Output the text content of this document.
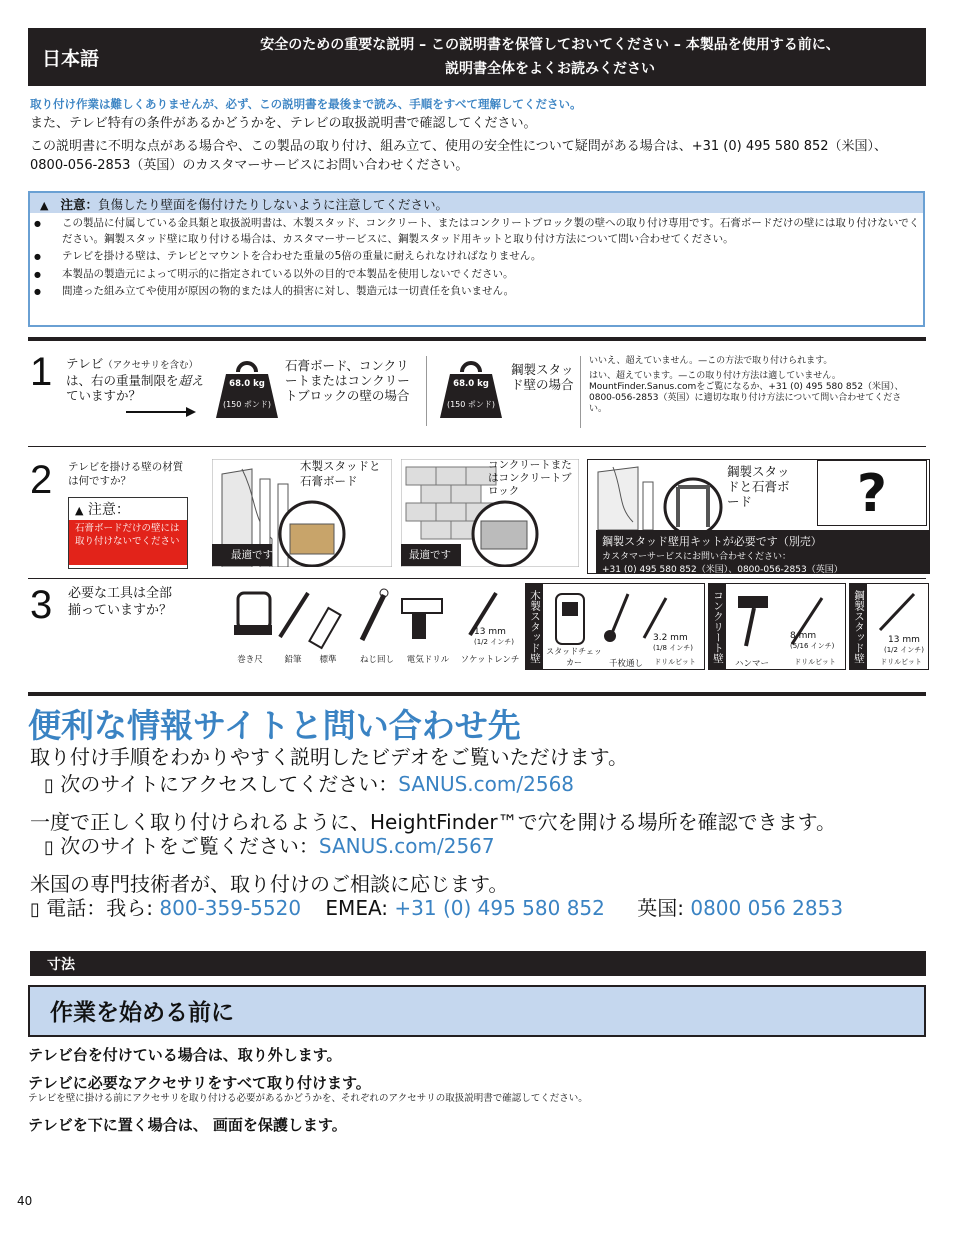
日本語
安全のための重要な説明 – この説明書を保管しておいてください – 本製品を使用する前に、
説明書全体をよくお読みください
取り付け作業は難しくありませんが、必ず、この説明書を最後まで読み、手順をすべて理解してください。
また、テレビ特有の条件があるかどうかを、テレビの取扱説明書で確認してください。
この説明書に不明な点がある場合や、この製品の取り付け、組み立て、使用の安全性について疑問がある場合は、+31 (0) 495 580 852（米国）、0800-056-2853（英国）のカスタマーサービスにお問い合わせください。
▲ 注意：負傷したり壁面を傷付けたりしないように注意してください。
● この製品に付属している金具類と取扱説明書は、木製スタッド、コンクリート、またはコンクリートブロック製の壁への取り付け専用です。石膏ボードだけの壁には取り付けないでください。鋼製スタッド壁に取り付ける場合は、カスタマーサービスに、鋼製スタッド用キットと取り付け方法について問い合わせてください。
● テレビを掛ける壁は、テレビとマウントを合わせた重量の5倍の重量に耐えられなければなりません。
● 本製品の製造元によって明示的に指定されている以外の目的で本製品を使用しないでください。
● 間違った組み立てや使用が原因の物的または人的損害に対し、製造元は一切責任を負いません。
1 テレビ（アクセサリを含む）は、右の重量制限を超えていますか？
68.0 kg
(150 ポンド)
石膏ボード、コンクリートまたはコンクリートブロックの壁の場合
68.0 kg
(150 ポンド)
鋼製スタッド壁の場合
いいえ、超えていません。—この方法で取り付けられます。
はい、超えています。—この取り付け方法は適していません。MountFinder.Sanus.comをご覧になるか、+31 (0) 495 580 852（米国）、0800-056-2853（英国）に適切な取り付け方法について問い合わせてください。
2 テレビを掛ける壁の材質は何ですか？
▲ 注意：
石膏ボードだけの壁には取り付けないでください
木製スタッドと石膏ボード
最適です
コンクリートまたはコンクリートブロック
最適です
鋼製スタッドと石膏ボード	?
鋼製スタッド壁用キットが必要です（別売）
カスタマーサービスにお問い合わせください：
+31 (0) 495 580 852（米国）、0800-056-2853（英国）
3 必要な工具は全部揃っていますか？
巻き尺	鉛筆	標準	ねじ回し	電気ドリル	ソケットレンチ
13 mm
(1/2 インチ)	木製スタッド壁	3.2 mm
(1/8 インチ)
スタッドチェッカー	千枚通し	ドリルビット	コンクリート壁	8 mm
(5/16 インチ)
ハンマー	ドリルビット	鋼製スタッド壁	13 mm
(1/2 インチ)
ドリルビット
便利な情報サイトと問い合わせ先
取り付け手順をわかりやすく説明したビデオをご覧いただけます。
▯ 次のサイトにアクセスしてください：SANUS.com/2568
一度で正しく取り付けられるように、HeightFinder™で穴を開ける場所を確認できます。
▯ 次のサイトをご覧ください：SANUS.com/2567
米国の専門技術者が、取り付けのご相談に応じます。
▯ 電話：我ら: 800-359-5520 EMEA: +31 (0) 495 580 852 英国: 0800 056 2853
寸法
作業を始める前に
テレビ台を付けている場合は、取り外します。
テレビに必要なアクセサリをすべて取り付けます。
テレビを壁に掛ける前にアクセサリを取り付ける必要があるかどうかを、それぞれのアクセサリの取扱説明書で確認してください。
テレビを下に置く場合は、 画面を保護します。
40
